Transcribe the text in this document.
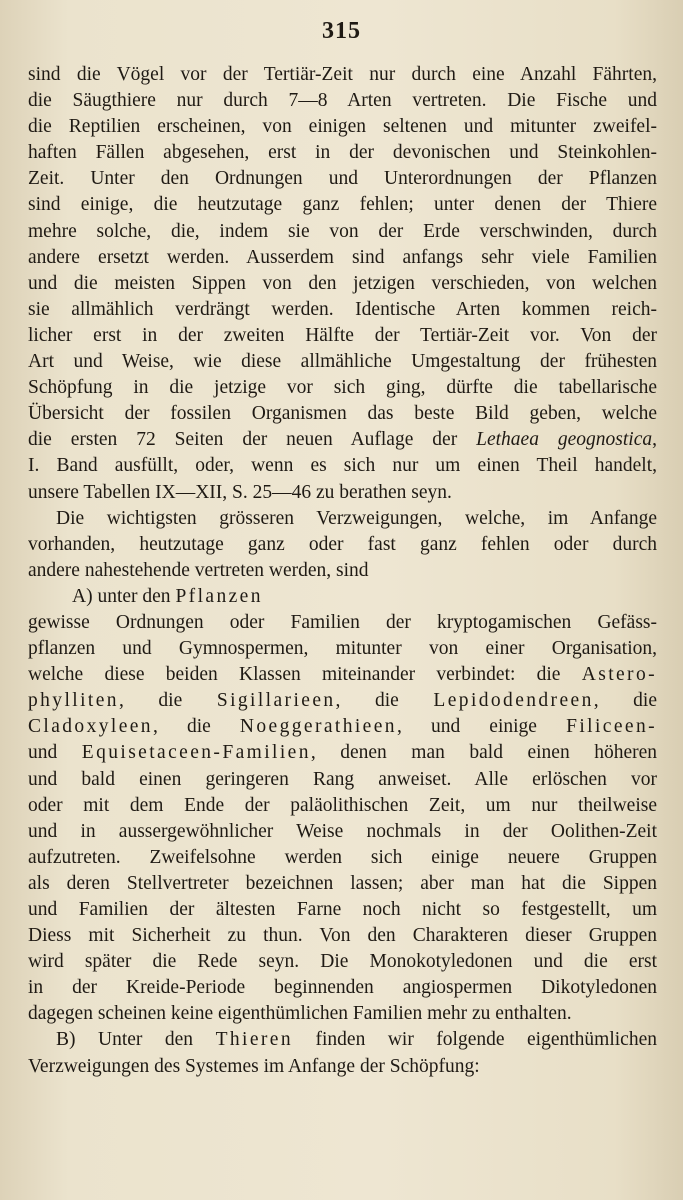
315
sind die Vögel vor der Tertiär-Zeit nur durch eine Anzahl Fährten,
die Säugthiere nur durch 7—8 Arten vertreten. Die Fische und
die Reptilien erscheinen, von einigen seltenen und mitunter zweifel-
haften Fällen abgesehen, erst in der devonischen und Steinkohlen-
Zeit. Unter den Ordnungen und Unterordnungen der Pflanzen
sind einige, die heutzutage ganz fehlen; unter denen der Thiere
mehre solche, die, indem sie von der Erde verschwinden, durch
andere ersetzt werden. Ausserdem sind anfangs sehr viele Familien
und die meisten Sippen von den jetzigen verschieden, von welchen
sie allmählich verdrängt werden. Identische Arten kommen reich-
licher erst in der zweiten Hälfte der Tertiär-Zeit vor. Von der
Art und Weise, wie diese allmähliche Umgestaltung der frühesten
Schöpfung in die jetzige vor sich ging, dürfte die tabellarische
Übersicht der fossilen Organismen das beste Bild geben, welche
die ersten 72 Seiten der neuen Auflage der Lethaea geognostica,
I. Band ausfüllt, oder, wenn es sich nur um einen Theil handelt,
unsere Tabellen IX—XII, S. 25—46 zu berathen seyn.
Die wichtigsten grösseren Verzweigungen, welche, im Anfange
vorhanden, heutzutage ganz oder fast ganz fehlen oder durch
andere nahestehende vertreten werden, sind
A) unter den Pflanzen
gewisse Ordnungen oder Familien der kryptogamischen Gefäss-
pflanzen und Gymnospermen, mitunter von einer Organisation,
welche diese beiden Klassen miteinander verbindet: die Astero-
phylliten, die Sigillarieen, die Lepidodendreen, die
Cladoxyleen, die Noeggerathieen, und einige Filiceen-
und Equisetaceen-Familien, denen man bald einen höheren
und bald einen geringeren Rang anweiset. Alle erlöschen vor
oder mit dem Ende der paläolithischen Zeit, um nur theilweise
und in aussergewöhnlicher Weise nochmals in der Oolithen-Zeit
aufzutreten. Zweifelsohne werden sich einige neuere Gruppen
als deren Stellvertreter bezeichnen lassen; aber man hat die Sippen
und Familien der ältesten Farne noch nicht so festgestellt, um
Diess mit Sicherheit zu thun. Von den Charakteren dieser Gruppen
wird später die Rede seyn. Die Monokotyledonen und die erst
in der Kreide-Periode beginnenden angiospermen Dikotyledonen
dagegen scheinen keine eigenthümlichen Familien mehr zu enthalten.
B) Unter den Thieren finden wir folgende eigenthümlichen
Verzweigungen des Systemes im Anfange der Schöpfung:
